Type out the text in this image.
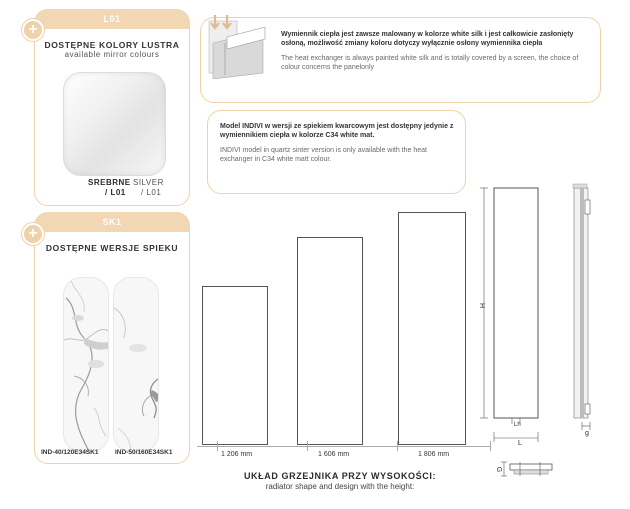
L01
DOSTĘPNE KOLORY LUSTRA
available mirror colours
SREBRNE SILVER
/ L01 / L01
+
SK1
DOSTĘPNE WERSJE SPIEKU
IND-40/120E34SK1	IND-50/160E34SK1
+
Wymiennik ciepła jest zawsze malowany w kolorze white silk i jest całkowicie zasłonięty osłoną, możliwość zmiany koloru dotyczy wyłącznie osłony wymiennika ciepła
The heat exchanger is always painted white silk and is totally covered by a screen, the choice of colour concerns the panelonly
Model INDIVI w wersji ze spiekiem kwarcowym jest dostępny jedynie z wymiennikiem ciepła w kolorze C34 white mat.
INDIVI model in quartz sinter version is only available with the heat exchanger in C34 white matt colour.
1 206 mm	1 606 mm	1 806 mm
H
L
Lh
g
G
UKŁAD GRZEJNIKA PRZY WYSOKOŚCI:
radiator shape and design with the height:
